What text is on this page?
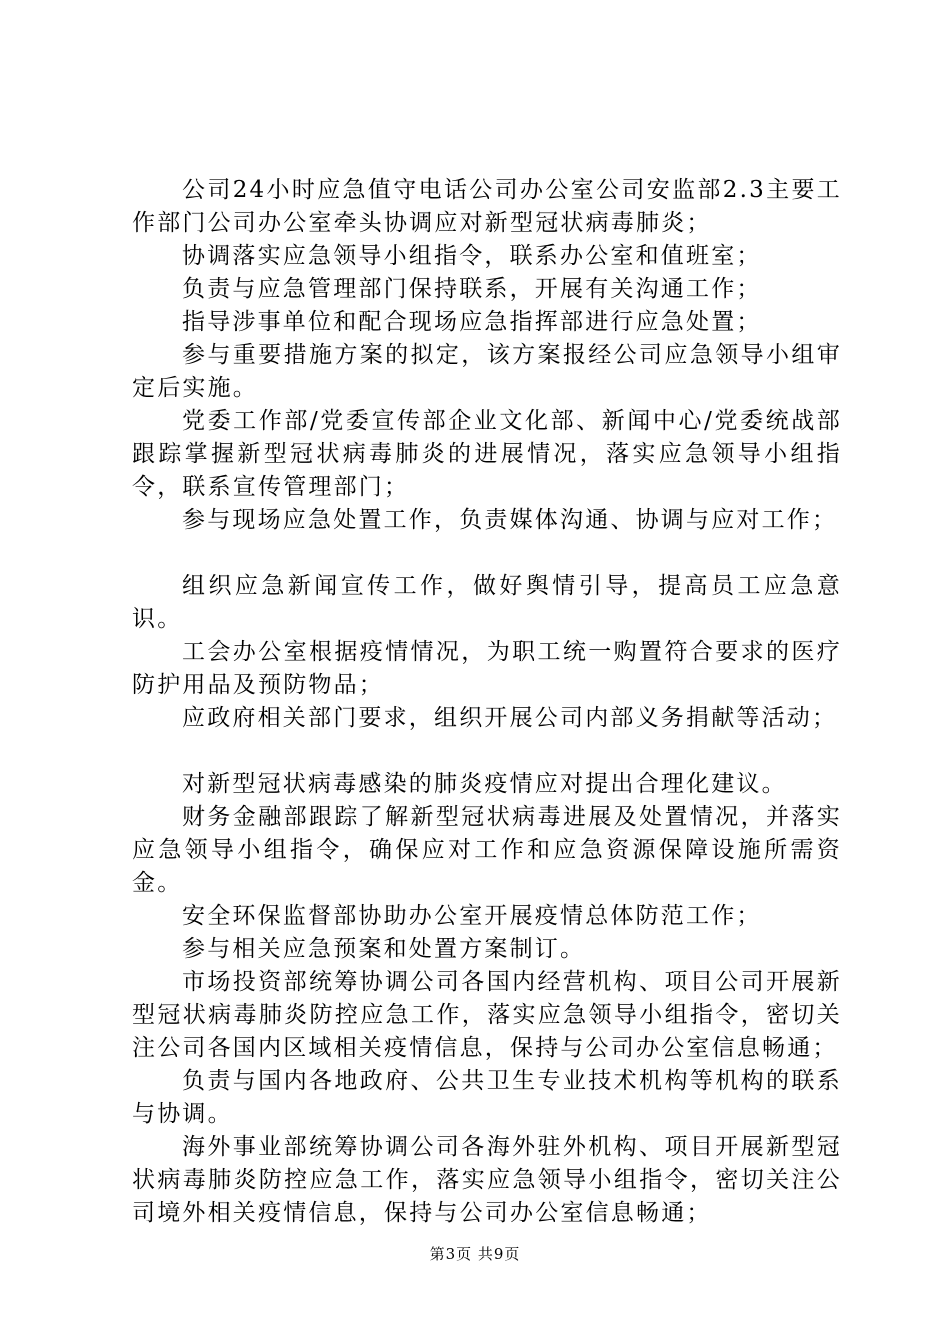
公司24小时应急值守电话公司办公室公司安监部2.3主要工作部门公司办公室牵头协调应对新型冠状病毒肺炎；

协调落实应急领导小组指令，联系办公室和值班室；

负责与应急管理部门保持联系，开展有关沟通工作；

指导涉事单位和配合现场应急指挥部进行应急处置；

参与重要措施方案的拟定，该方案报经公司应急领导小组审定后实施。

党委工作部/党委宣传部企业文化部、新闻中心/党委统战部跟踪掌握新型冠状病毒肺炎的进展情况，落实应急领导小组指令，联系宣传管理部门；

参与现场应急处置工作，负责媒体沟通、协调与应对工作；

组织应急新闻宣传工作，做好舆情引导，提高员工应急意识。

工会办公室根据疫情情况，为职工统一购置符合要求的医疗防护用品及预防物品；

应政府相关部门要求，组织开展公司内部义务捐献等活动；

对新型冠状病毒感染的肺炎疫情应对提出合理化建议。

财务金融部跟踪了解新型冠状病毒进展及处置情况，并落实应急领导小组指令，确保应对工作和应急资源保障设施所需资金。

安全环保监督部协助办公室开展疫情总体防范工作；

参与相关应急预案和处置方案制订。

市场投资部统筹协调公司各国内经营机构、项目公司开展新型冠状病毒肺炎防控应急工作，落实应急领导小组指令，密切关注公司各国内区域相关疫情信息，保持与公司办公室信息畅通；

负责与国内各地政府、公共卫生专业技术机构等机构的联系与协调。

海外事业部统筹协调公司各海外驻外机构、项目开展新型冠状病毒肺炎防控应急工作，落实应急领导小组指令，密切关注公司境外相关疫情信息，保持与公司办公室信息畅通；

第3页 共9页
